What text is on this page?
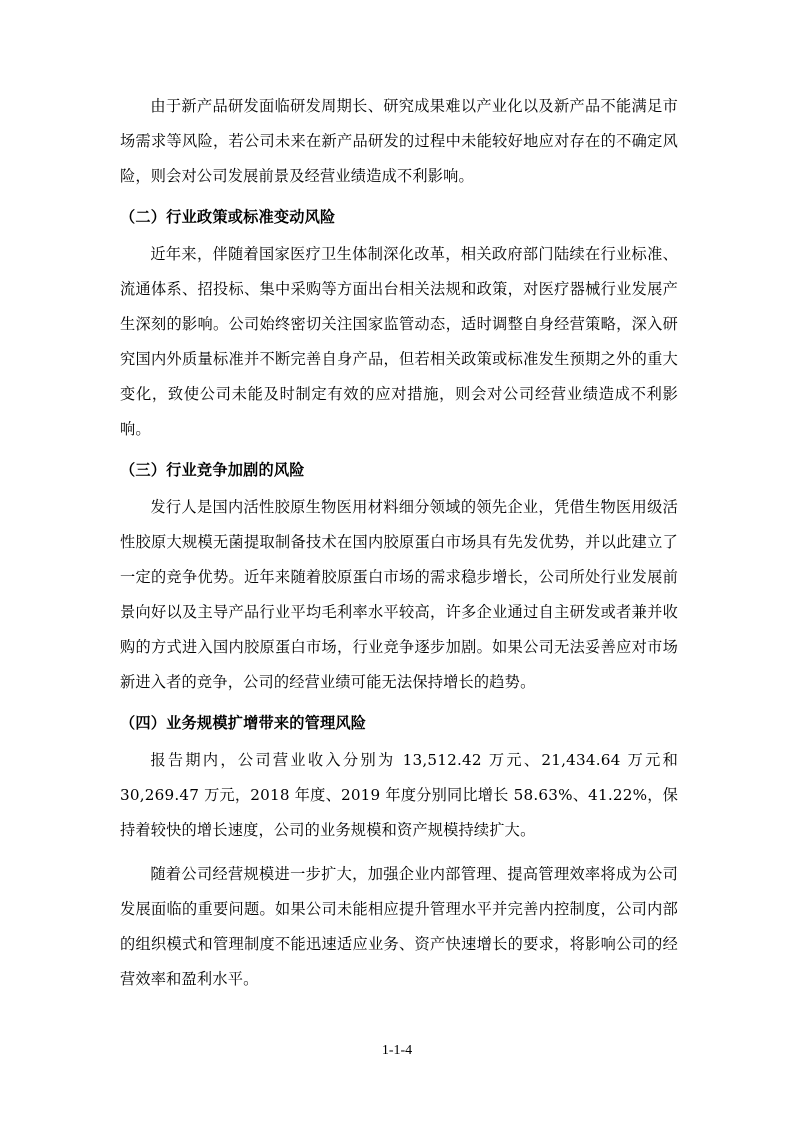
由于新产品研发面临研发周期长、研究成果难以产业化以及新产品不能满足市场需求等风险，若公司未来在新产品研发的过程中未能较好地应对存在的不确定风险，则会对公司发展前景及经营业绩造成不利影响。

（二）行业政策或标准变动风险

近年来，伴随着国家医疗卫生体制深化改革，相关政府部门陆续在行业标准、流通体系、招投标、集中采购等方面出台相关法规和政策，对医疗器械行业发展产生深刻的影响。公司始终密切关注国家监管动态，适时调整自身经营策略，深入研究国内外质量标准并不断完善自身产品，但若相关政策或标准发生预期之外的重大变化，致使公司未能及时制定有效的应对措施，则会对公司经营业绩造成不利影响。

（三）行业竞争加剧的风险

发行人是国内活性胶原生物医用材料细分领域的领先企业，凭借生物医用级活性胶原大规模无菌提取制备技术在国内胶原蛋白市场具有先发优势，并以此建立了一定的竞争优势。近年来随着胶原蛋白市场的需求稳步增长，公司所处行业发展前景向好以及主导产品行业平均毛利率水平较高，许多企业通过自主研发或者兼并收购的方式进入国内胶原蛋白市场，行业竞争逐步加剧。如果公司无法妥善应对市场新进入者的竞争，公司的经营业绩可能无法保持增长的趋势。

（四）业务规模扩增带来的管理风险

报告期内，公司营业收入分别为 13,512.42 万元、21,434.64 万元和 30,269.47 万元，2018 年度、2019 年度分别同比增长 58.63%、41.22%，保持着较快的增长速度，公司的业务规模和资产规模持续扩大。

随着公司经营规模进一步扩大，加强企业内部管理、提高管理效率将成为公司发展面临的重要问题。如果公司未能相应提升管理水平并完善内控制度，公司内部的组织模式和管理制度不能迅速适应业务、资产快速增长的要求，将影响公司的经营效率和盈利水平。

1-1-4
